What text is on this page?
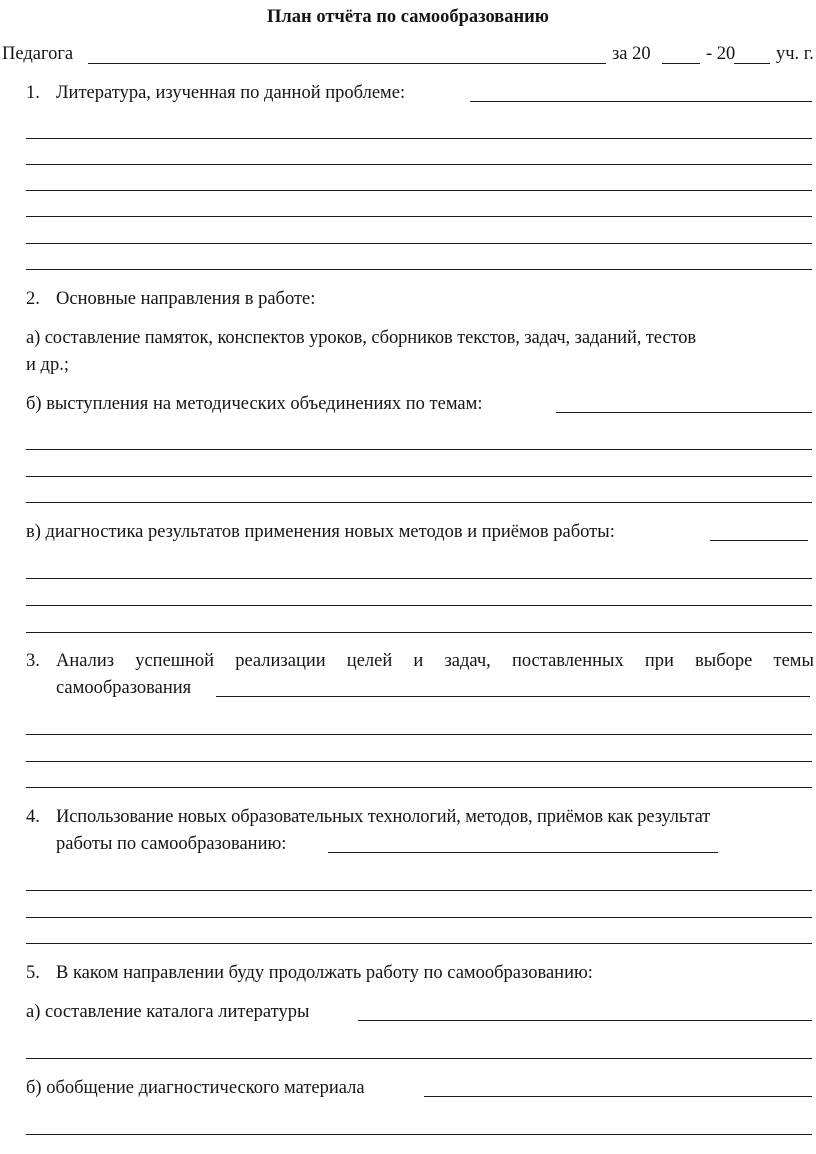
План отчёта по самообразованию
Педагога	за 20	- 20 уч. г.
1. Литература, изученная по данной проблеме:
2. Основные направления в работе:
а) составление памяток, конспектов уроков, сборников текстов, задач, заданий, тестов
и др.;
б) выступления на методических объединениях по темам:
в) диагностика результатов применения новых методов и приёмов работы:
3. Анализ успешной реализации целей и задач, поставленных при выборе темы
самообразования
4. Использование новых образовательных технологий, методов, приёмов как результат
работы по самообразованию:
5. В каком направлении буду продолжать работу по самообразованию:
а) составление каталога литературы
б) обобщение диагностического материала
